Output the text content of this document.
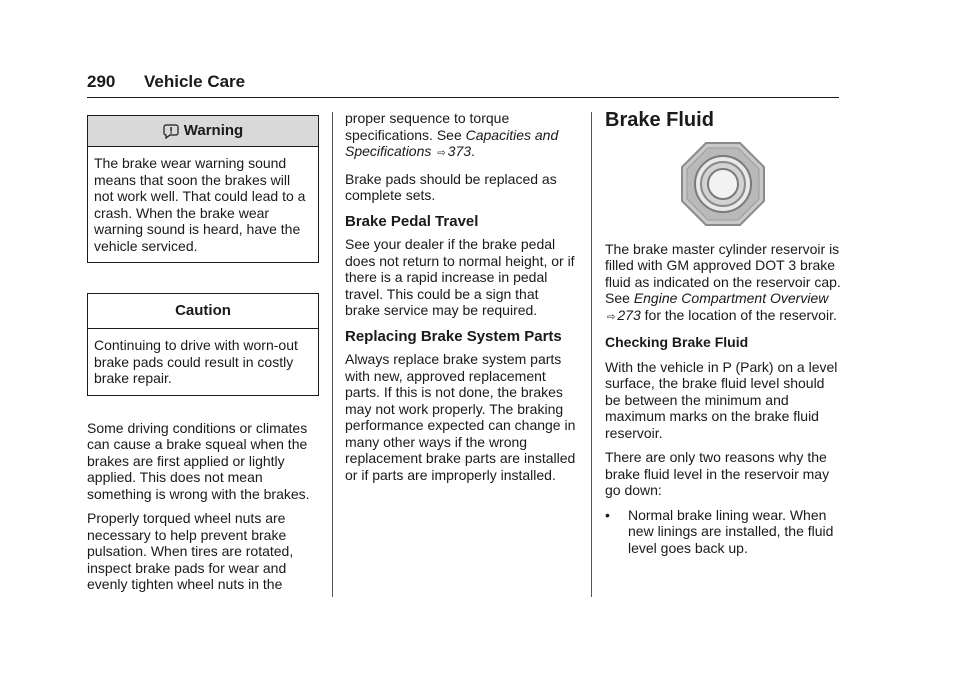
290 Vehicle Care
Warning
The brake wear warning sound means that soon the brakes will not work well. That could lead to a crash. When the brake wear warning sound is heard, have the vehicle serviced.
Caution
Continuing to drive with worn-out brake pads could result in costly brake repair.

Some driving conditions or climates can cause a brake squeal when the brakes are first applied or lightly applied. This does not mean something is wrong with the brakes.

Properly torqued wheel nuts are necessary to help prevent brake pulsation. When tires are rotated, inspect brake pads for wear and evenly tighten wheel nuts in the

proper sequence to torque specifications. See Capacities and Specifications ⇨ 373.

Brake pads should be replaced as complete sets.

Brake Pedal Travel

See your dealer if the brake pedal does not return to normal height, or if there is a rapid increase in pedal travel. This could be a sign that brake service may be required.

Replacing Brake System Parts

Always replace brake system parts with new, approved replacement parts. If this is not done, the brakes may not work properly. The braking performance expected can change in many other ways if the wrong replacement brake parts are installed or if parts are improperly installed.

Brake Fluid

The brake master cylinder reservoir is filled with GM approved DOT 3 brake fluid as indicated on the reservoir cap. See Engine Compartment Overview ⇨ 273 for the location of the reservoir.

Checking Brake Fluid

With the vehicle in P (Park) on a level surface, the brake fluid level should be between the minimum and maximum marks on the brake fluid reservoir.

There are only two reasons why the brake fluid level in the reservoir may go down:

•	Normal brake lining wear. When new linings are installed, the fluid level goes back up.
